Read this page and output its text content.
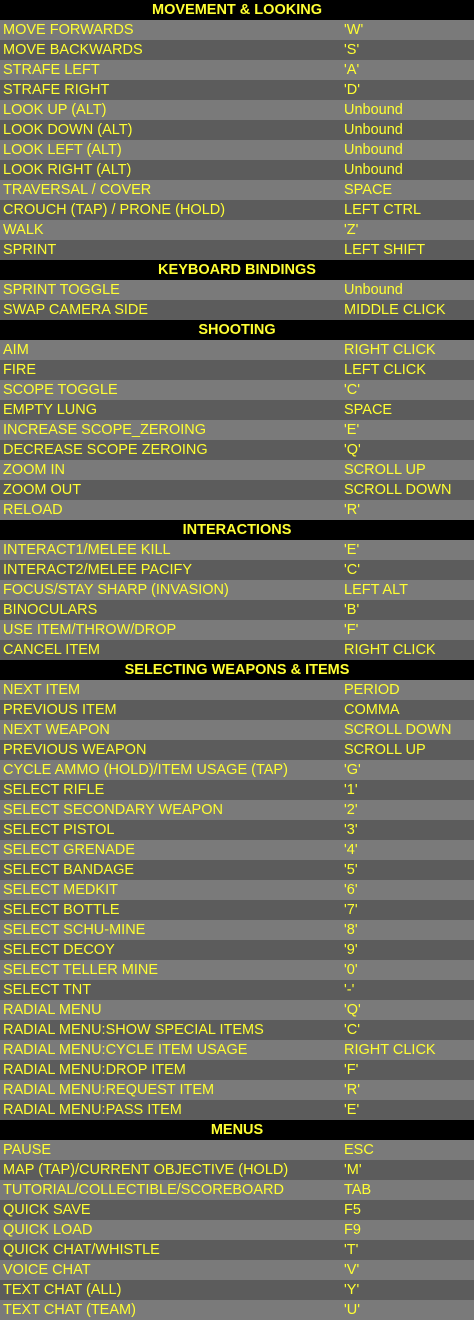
MOVEMENT & LOOKING
MOVE FORWARDS	'W'
MOVE BACKWARDS	'S'
STRAFE LEFT	'A'
STRAFE RIGHT	'D'
LOOK UP (ALT)	Unbound
LOOK DOWN (ALT)	Unbound
LOOK LEFT (ALT)	Unbound
LOOK RIGHT (ALT)	Unbound
TRAVERSAL / COVER	SPACE
CROUCH (TAP) / PRONE (HOLD)	LEFT CTRL
WALK	'Z'
SPRINT	LEFT SHIFT
KEYBOARD BINDINGS
SPRINT TOGGLE	Unbound
SWAP CAMERA SIDE	MIDDLE CLICK
SHOOTING
AIM	RIGHT CLICK
FIRE	LEFT CLICK
SCOPE TOGGLE	'C'
EMPTY LUNG	SPACE
INCREASE SCOPE_ZEROING	'E'
DECREASE SCOPE ZEROING	'Q'
ZOOM IN	SCROLL UP
ZOOM OUT	SCROLL DOWN
RELOAD	'R'
INTERACTIONS
INTERACT1/MELEE KILL	'E'
INTERACT2/MELEE PACIFY	'C'
FOCUS/STAY SHARP (INVASION)	LEFT ALT
BINOCULARS	'B'
USE ITEM/THROW/DROP	'F'
CANCEL ITEM	RIGHT CLICK
SELECTING WEAPONS & ITEMS
NEXT ITEM	PERIOD
PREVIOUS ITEM	COMMA
NEXT WEAPON	SCROLL DOWN
PREVIOUS WEAPON	SCROLL UP
CYCLE AMMO (HOLD)/ITEM USAGE (TAP)	'G'
SELECT RIFLE	'1'
SELECT SECONDARY WEAPON	'2'
SELECT PISTOL	'3'
SELECT GRENADE	'4'
SELECT BANDAGE	'5'
SELECT MEDKIT	'6'
SELECT BOTTLE	'7'
SELECT SCHU-MINE	'8'
SELECT DECOY	'9'
SELECT TELLER MINE	'0'
SELECT TNT	'-'
RADIAL MENU	'Q'
RADIAL MENU:SHOW SPECIAL ITEMS	'C'
RADIAL MENU:CYCLE ITEM USAGE	RIGHT CLICK
RADIAL MENU:DROP ITEM	'F'
RADIAL MENU:REQUEST ITEM	'R'
RADIAL MENU:PASS ITEM	'E'
MENUS
PAUSE	ESC
MAP (TAP)/CURRENT OBJECTIVE (HOLD)	'M'
TUTORIAL/COLLECTIBLE/SCOREBOARD	TAB
QUICK SAVE	F5
QUICK LOAD	F9
QUICK CHAT/WHISTLE	'T'
VOICE CHAT	'V'
TEXT CHAT (ALL)	'Y'
TEXT CHAT (TEAM)	'U'
